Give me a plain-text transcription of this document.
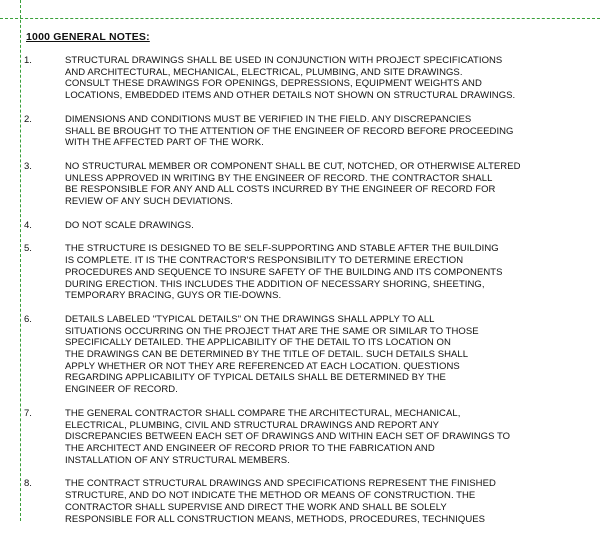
1000 GENERAL NOTES:
1.	STRUCTURAL DRAWINGS SHALL BE USED IN CONJUNCTION WITH PROJECT SPECIFICATIONS
AND ARCHITECTURAL, MECHANICAL, ELECTRICAL, PLUMBING, AND SITE DRAWINGS.
CONSULT THESE DRAWINGS FOR OPENINGS, DEPRESSIONS, EQUIPMENT WEIGHTS AND
LOCATIONS, EMBEDDED ITEMS AND OTHER DETAILS NOT SHOWN ON STRUCTURAL DRAWINGS.
2.	DIMENSIONS AND CONDITIONS MUST BE VERIFIED IN THE FIELD. ANY DISCREPANCIES
SHALL BE BROUGHT TO THE ATTENTION OF THE ENGINEER OF RECORD BEFORE PROCEEDING
WITH THE AFFECTED PART OF THE WORK.
3.	NO STRUCTURAL MEMBER OR COMPONENT SHALL BE CUT, NOTCHED, OR OTHERWISE ALTERED
UNLESS APPROVED IN WRITING BY THE ENGINEER OF RECORD. THE CONTRACTOR SHALL
BE RESPONSIBLE FOR ANY AND ALL COSTS INCURRED BY THE ENGINEER OF RECORD FOR
REVIEW OF ANY SUCH DEVIATIONS.
4.	DO NOT SCALE DRAWINGS.
5.	THE STRUCTURE IS DESIGNED TO BE SELF-SUPPORTING AND STABLE AFTER THE BUILDING
IS COMPLETE. IT IS THE CONTRACTOR'S RESPONSIBILITY TO DETERMINE ERECTION
PROCEDURES AND SEQUENCE TO INSURE SAFETY OF THE BUILDING AND ITS COMPONENTS
DURING ERECTION. THIS INCLUDES THE ADDITION OF NECESSARY SHORING, SHEETING,
TEMPORARY BRACING, GUYS OR TIE-DOWNS.
6.	DETAILS LABELED "TYPICAL DETAILS" ON THE DRAWINGS SHALL APPLY TO ALL
SITUATIONS OCCURRING ON THE PROJECT THAT ARE THE SAME OR SIMILAR TO THOSE
SPECIFICALLY DETAILED. THE APPLICABILITY OF THE DETAIL TO ITS LOCATION ON
THE DRAWINGS CAN BE DETERMINED BY THE TITLE OF DETAIL. SUCH DETAILS SHALL
APPLY WHETHER OR NOT THEY ARE REFERENCED AT EACH LOCATION. QUESTIONS
REGARDING APPLICABILITY OF TYPICAL DETAILS SHALL BE DETERMINED BY THE
ENGINEER OF RECORD.
7.	THE GENERAL CONTRACTOR SHALL COMPARE THE ARCHITECTURAL, MECHANICAL,
ELECTRICAL, PLUMBING, CIVIL AND STRUCTURAL DRAWINGS AND REPORT ANY
DISCREPANCIES BETWEEN EACH SET OF DRAWINGS AND WITHIN EACH SET OF DRAWINGS TO
THE ARCHITECT AND ENGINEER OF RECORD PRIOR TO THE FABRICATION AND
INSTALLATION OF ANY STRUCTURAL MEMBERS.
8.	THE CONTRACT STRUCTURAL DRAWINGS AND SPECIFICATIONS REPRESENT THE FINISHED
STRUCTURE, AND DO NOT INDICATE THE METHOD OR MEANS OF CONSTRUCTION. THE
CONTRACTOR SHALL SUPERVISE AND DIRECT THE WORK AND SHALL BE SOLELY
RESPONSIBLE FOR ALL CONSTRUCTION MEANS, METHODS, PROCEDURES, TECHNIQUES
